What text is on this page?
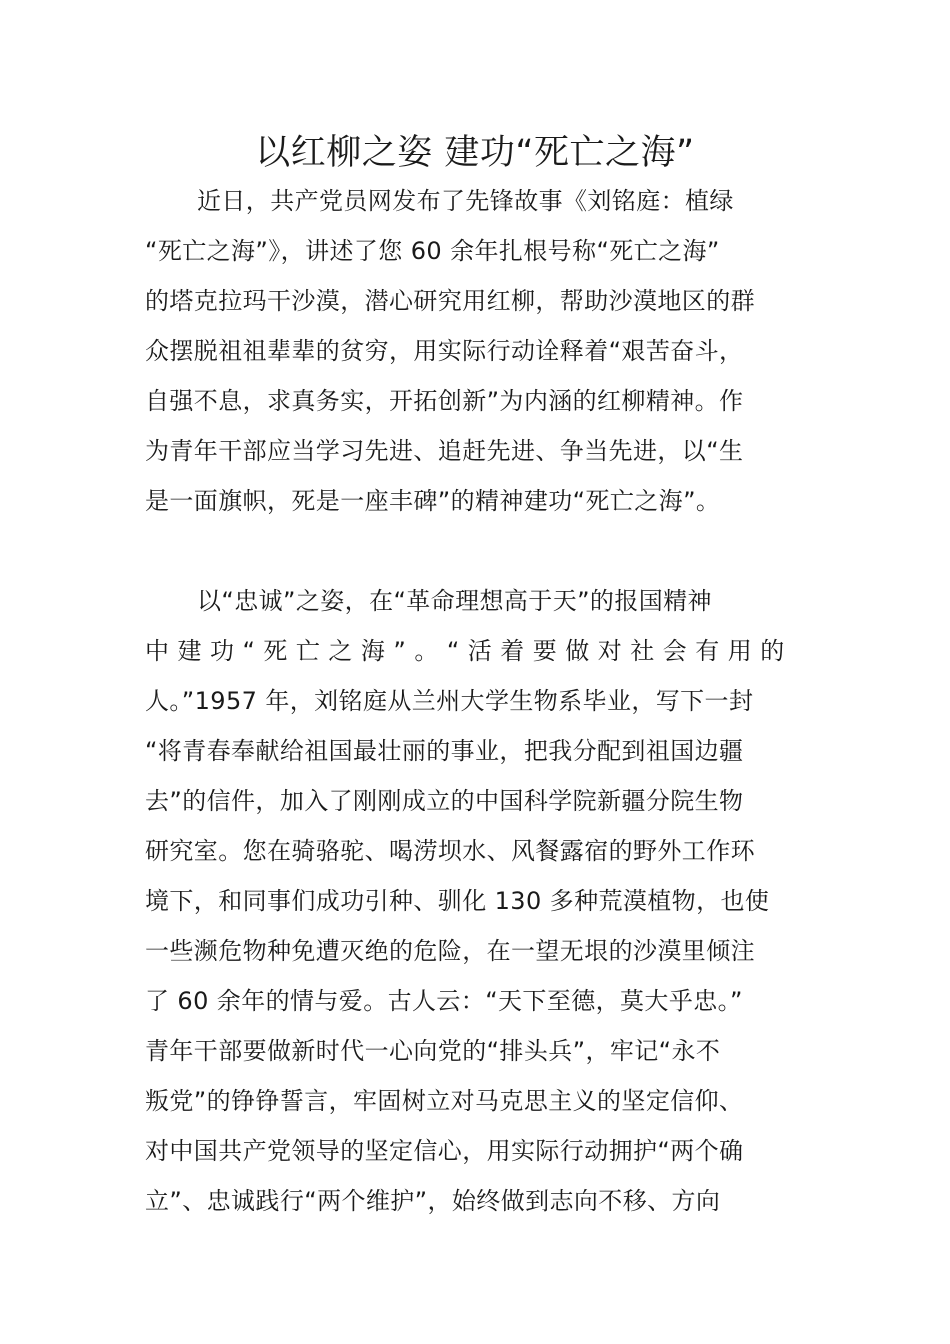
以红柳之姿 建功“死亡之海”
近日，共产党员网发布了先锋故事《刘铭庭：植绿
“死亡之海”》，讲述了您 60 余年扎根号称“死亡之海”
的塔克拉玛干沙漠，潜心研究用红柳，帮助沙漠地区的群
众摆脱祖祖辈辈的贫穷，用实际行动诠释着“艰苦奋斗，
自强不息，求真务实，开拓创新”为内涵的红柳精神。作
为青年干部应当学习先进、追赶先进、争当先进，以“生
是一面旗帜，死是一座丰碑”的精神建功“死亡之海”。
以“忠诚”之姿，在“革命理想高于天”的报国精神
中建功“死亡之海”。“活着要做对社会有用的
人。”1957 年，刘铭庭从兰州大学生物系毕业，写下一封
“将青春奉献给祖国最壮丽的事业，把我分配到祖国边疆
去”的信件，加入了刚刚成立的中国科学院新疆分院生物
研究室。您在骑骆驼、喝涝坝水、风餐露宿的野外工作环
境下，和同事们成功引种、驯化 130 多种荒漠植物，也使
一些濒危物种免遭灭绝的危险，在一望无垠的沙漠里倾注
了 60 余年的情与爱。古人云：“天下至德，莫大乎忠。”
青年干部要做新时代一心向党的“排头兵”，牢记“永不
叛党”的铮铮誓言，牢固树立对马克思主义的坚定信仰、
对中国共产党领导的坚定信心，用实际行动拥护“两个确
立”、忠诚践行“两个维护”，始终做到志向不移、方向
